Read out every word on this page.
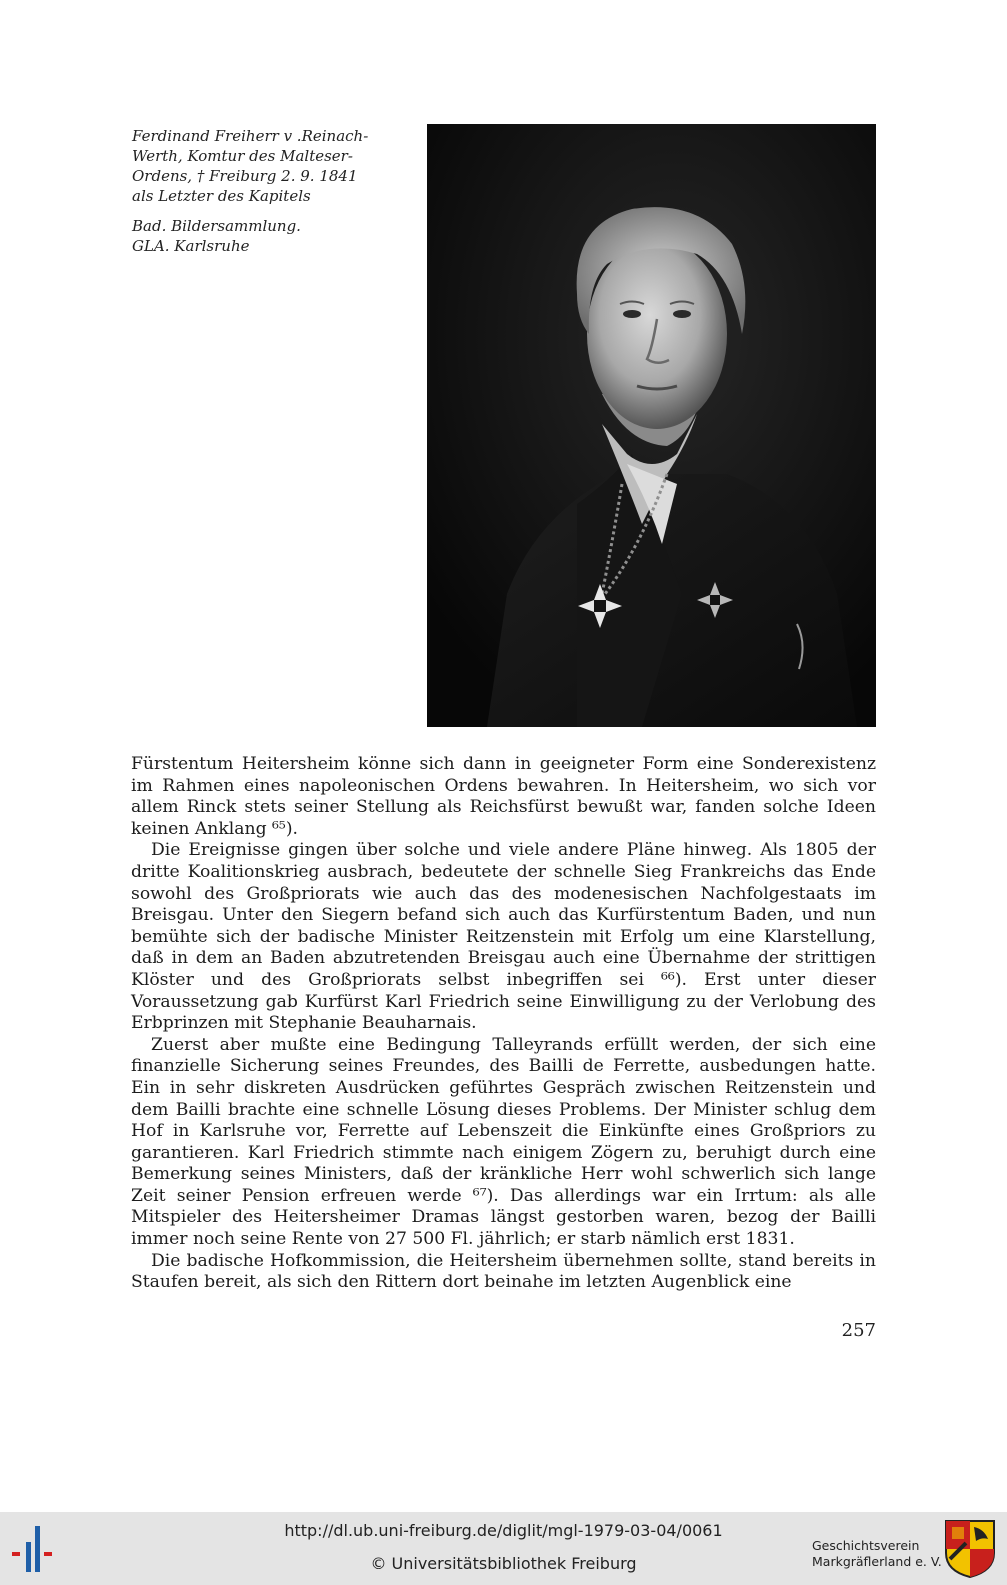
Ferdinand Freiherr v .Reinach-

Werth, Komtur des Malteser-

Ordens, † Freiburg 2. 9. 1841

als Letzter des Kapitels

Bad. Bildersammlung.

GLA. Karlsruhe

Fürstentum Heitersheim könne sich dann in geeigneter Form eine Sonderexistenz im Rahmen eines napoleonischen Ordens bewahren. In Heitersheim, wo sich vor allem Rinck stets seiner Stellung als Reichsfürst bewußt war, fanden solche Ideen keinen Anklang ⁶⁵).

Die Ereignisse gingen über solche und viele andere Pläne hinweg. Als 1805 der dritte Koalitionskrieg ausbrach, bedeutete der schnelle Sieg Frankreichs das Ende sowohl des Großpriorats wie auch das des modenesischen Nachfolgestaats im Breisgau. Unter den Siegern befand sich auch das Kurfürstentum Baden, und nun bemühte sich der badische Minister Reitzenstein mit Erfolg um eine Klarstellung, daß in dem an Baden abzutretenden Breisgau auch eine Übernahme der strittigen Klöster und des Großpriorats selbst inbegriffen sei ⁶⁶). Erst unter dieser Voraussetzung gab Kurfürst Karl Friedrich seine Einwilligung zu der Verlobung des Erbprinzen mit Stephanie Beauharnais.

Zuerst aber mußte eine Bedingung Talleyrands erfüllt werden, der sich eine finanzielle Sicherung seines Freundes, des Bailli de Ferrette, ausbedungen hatte. Ein in sehr diskreten Ausdrücken geführtes Gespräch zwischen Reitzenstein und dem Bailli brachte eine schnelle Lösung dieses Problems. Der Minister schlug dem Hof in Karlsruhe vor, Ferrette auf Lebenszeit die Einkünfte eines Großpriors zu garantieren. Karl Friedrich stimmte nach einigem Zögern zu, beruhigt durch eine Bemerkung seines Ministers, daß der kränkliche Herr wohl schwerlich sich lange Zeit seiner Pension erfreuen werde ⁶⁷). Das allerdings war ein Irrtum: als alle Mitspieler des Heitersheimer Dramas längst gestorben waren, bezog der Bailli immer noch seine Rente von 27 500 Fl. jährlich; er starb nämlich erst 1831.

Die badische Hofkommission, die Heitersheim übernehmen sollte, stand bereits in Staufen bereit, als sich den Rittern dort beinahe im letzten Augenblick eine

257
http://dl.ub.uni-freiburg.de/diglit/mgl-1979-03-04/0061
© Universitätsbibliothek Freiburg
Geschichtsverein
Markgräflerland e. V.
